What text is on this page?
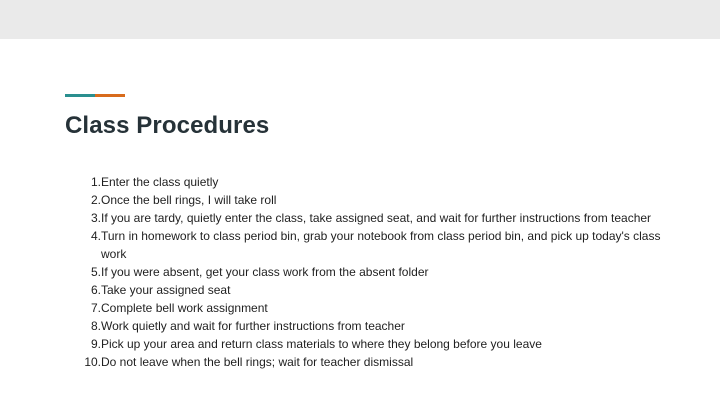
Class Procedures
1. Enter the class quietly
2. Once the bell rings, I will take roll
3. If you are tardy, quietly enter the class, take assigned seat, and wait for further instructions from teacher
4. Turn in homework to class period bin, grab your notebook from class period bin, and pick up today's class work
5. If you were absent, get your class work from the absent folder
6. Take your assigned seat
7. Complete bell work assignment
8. Work quietly and wait for further instructions from teacher
9. Pick up your area and return class materials to where they belong before you leave
10. Do not leave when the bell rings; wait for teacher dismissal
